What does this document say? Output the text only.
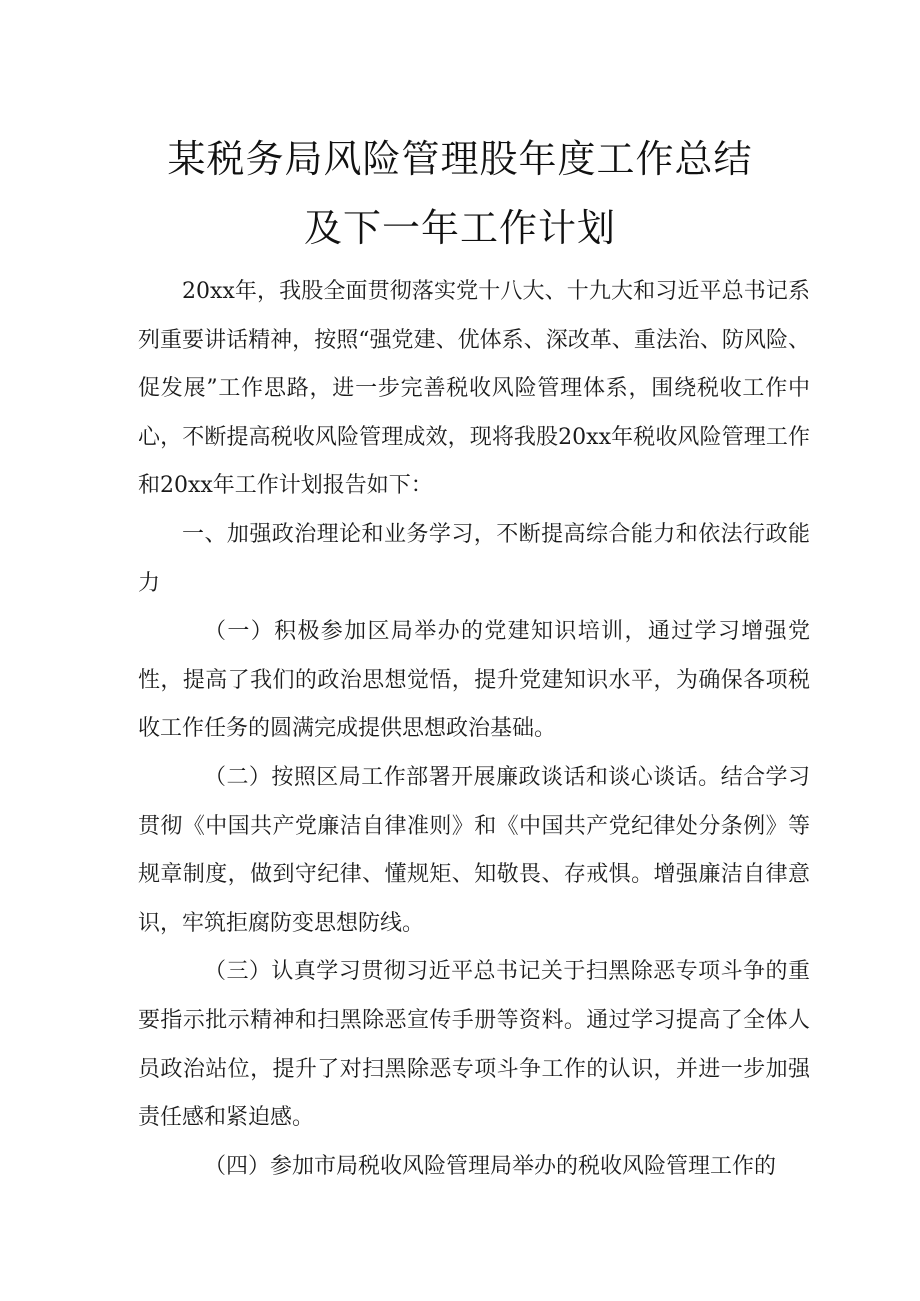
某税务局风险管理股年度工作总结
及下一年工作计划

20xx年，我股全面贯彻落实党十八大、十九大和习近平总书记系列重要讲话精神，按照“强党建、优体系、深改革、重法治、防风险、促发展”工作思路，进一步完善税收风险管理体系，围绕税收工作中心，不断提高税收风险管理成效，现将我股20xx年税收风险管理工作和20xx年工作计划报告如下：

一、加强政治理论和业务学习，不断提高综合能力和依法行政能力

（一）积极参加区局举办的党建知识培训，通过学习增强党性，提高了我们的政治思想觉悟，提升党建知识水平，为确保各项税收工作任务的圆满完成提供思想政治基础。

（二）按照区局工作部署开展廉政谈话和谈心谈话。结合学习贯彻《中国共产党廉洁自律准则》和《中国共产党纪律处分条例》等规章制度，做到守纪律、懂规矩、知敬畏、存戒惧。增强廉洁自律意识，牢筑拒腐防变思想防线。

（三）认真学习贯彻习近平总书记关于扫黑除恶专项斗争的重要指示批示精神和扫黑除恶宣传手册等资料。通过学习提高了全体人员政治站位，提升了对扫黑除恶专项斗争工作的认识，并进一步加强责任感和紧迫感。

（四）参加市局税收风险管理局举办的税收风险管理工作的
